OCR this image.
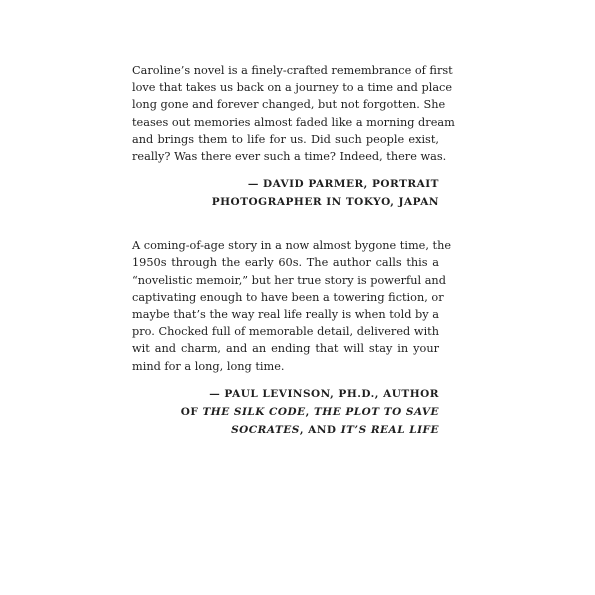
Caroline’s novel is a finely-crafted remembrance of first
love that takes us back on a journey to a time and place
long gone and forever changed, but not forgotten. She
teases out memories almost faded like a morning dream
and brings them to life for us. Did such people exist,
really? Was there ever such a time? Indeed, there was.
— DAVID PARMER, PORTRAIT
PHOTOGRAPHER IN TOKYO, JAPAN
A coming-of-age story in a now almost bygone time, the
1950s through the early 60s. The author calls this a
“novelistic memoir,” but her true story is powerful and
captivating enough to have been a towering fiction, or
maybe that’s the way real life really is when told by a
pro. Chocked full of memorable detail, delivered with
wit and charm, and an ending that will stay in your
mind for a long, long time.
— PAUL LEVINSON, PH.D., AUTHOR
OF THE SILK CODE, THE PLOT TO SAVE
SOCRATES, AND IT’S REAL LIFE
